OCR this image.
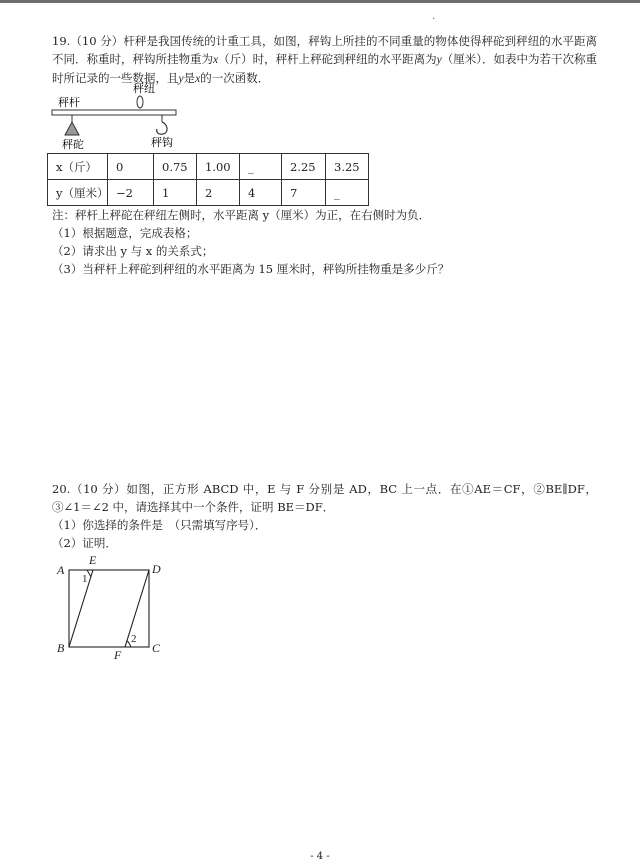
·

19.（10 分）杆秤是我国传统的计重工具，如图，秤钩上所挂的不同重量的物体使得秤砣到秤纽的水平距离不同．称重时，秤钩所挂物重为x（斤）时，秤杆上秤砣到秤纽的水平距离为y（厘米）．如表中为若干次称重时所记录的一些数据，且y是x的一次函数．

秤纽
秤杆
秤砣	秤钩
x（斤）	0	0.75	1.00	_	2.25	3.25
y（厘米）	−2	1	2	4	7	_

注：秤杆上秤砣在秤纽左侧时，水平距离 y（厘米）为正，在右侧时为负．

（1）根据题意，完成表格；

（2）请求出 y 与 x 的关系式；

（3）当秤杆上秤砣到秤纽的水平距离为 15 厘米时，秤钩所挂物重是多少斤？

20.（10 分）如图，正方形 ABCD 中，E 与 F 分别是 AD，BC 上一点．在①AE＝CF，②BE∥DF，③∠1＝∠2 中，请选择其中一个条件，证明 BE＝DF．

（1）你选择的条件是　（只需填写序号）．

（2）证明．

A
E
D
B	F	C
1
2
- 4 -
